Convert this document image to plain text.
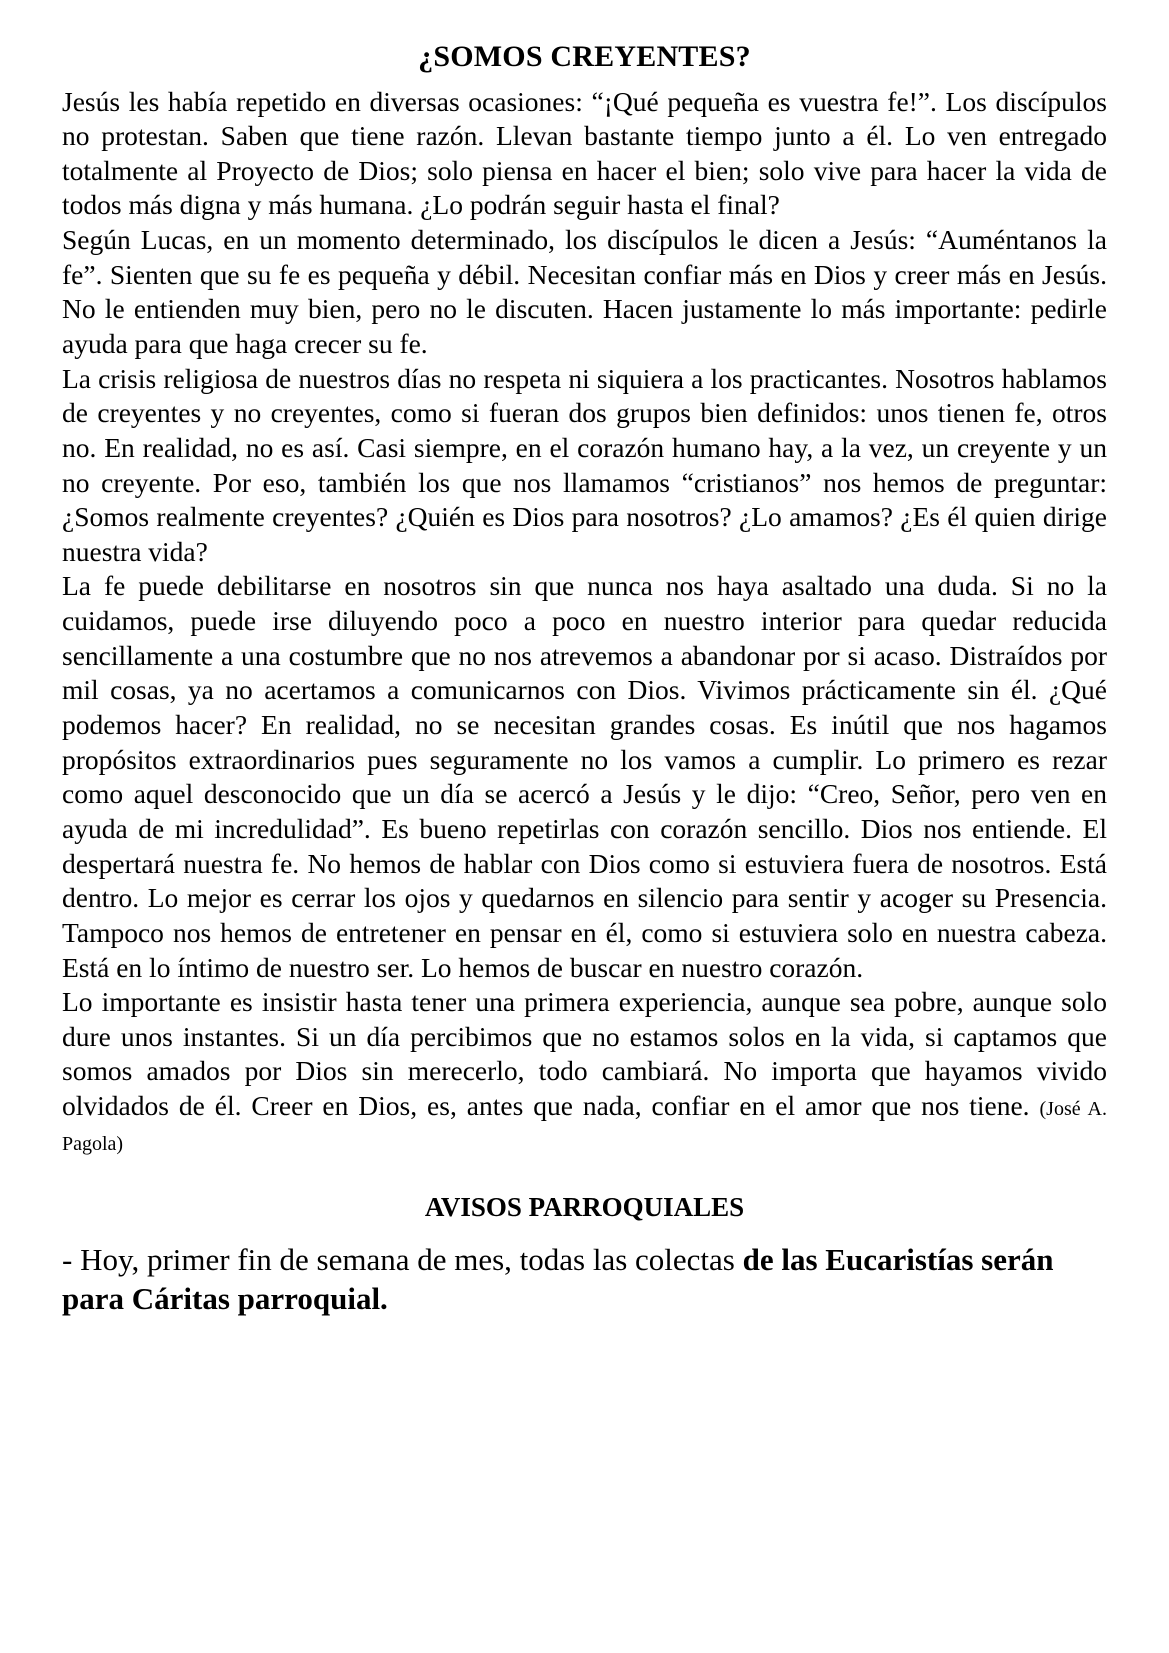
¿SOMOS CREYENTES?

Jesús les había repetido en diversas ocasiones: “¡Qué pequeña es vuestra fe!”. Los discípulos no protestan. Saben que tiene razón. Llevan bastante tiempo junto a él. Lo ven entregado totalmente al Proyecto de Dios; solo piensa en hacer el bien; solo vive para hacer la vida de todos más digna y más humana. ¿Lo podrán seguir hasta el final?

Según Lucas, en un momento determinado, los discípulos le dicen a Jesús: “Auméntanos la fe”. Sienten que su fe es pequeña y débil. Necesitan confiar más en Dios y creer más en Jesús. No le entienden muy bien, pero no le discuten. Hacen justamente lo más importante: pedirle ayuda para que haga crecer su fe.

La crisis religiosa de nuestros días no respeta ni siquiera a los practicantes. Nosotros hablamos de creyentes y no creyentes, como si fueran dos grupos bien definidos: unos tienen fe, otros no. En realidad, no es así. Casi siempre, en el corazón humano hay, a la vez, un creyente y un no creyente. Por eso, también los que nos llamamos “cristianos” nos hemos de preguntar: ¿Somos realmente creyentes? ¿Quién es Dios para nosotros? ¿Lo amamos? ¿Es él quien dirige nuestra vida?

La fe puede debilitarse en nosotros sin que nunca nos haya asaltado una duda. Si no la cuidamos, puede irse diluyendo poco a poco en nuestro interior para quedar reducida sencillamente a una costumbre que no nos atrevemos a abandonar por si acaso. Distraídos por mil cosas, ya no acertamos a comunicarnos con Dios. Vivimos prácticamente sin él. ¿Qué podemos hacer? En realidad, no se necesitan grandes cosas. Es inútil que nos hagamos propósitos extraordinarios pues seguramente no los vamos a cumplir. Lo primero es rezar como aquel desconocido que un día se acercó a Jesús y le dijo: “Creo, Señor, pero ven en ayuda de mi incredulidad”. Es bueno repetirlas con corazón sencillo. Dios nos entiende. El despertará nuestra fe. No hemos de hablar con Dios como si estuviera fuera de nosotros. Está dentro. Lo mejor es cerrar los ojos y quedarnos en silencio para sentir y acoger su Presencia. Tampoco nos hemos de entretener en pensar en él, como si estuviera solo en nuestra cabeza. Está en lo íntimo de nuestro ser. Lo hemos de buscar en nuestro corazón.

Lo importante es insistir hasta tener una primera experiencia, aunque sea pobre, aunque solo dure unos instantes. Si un día percibimos que no estamos solos en la vida, si captamos que somos amados por Dios sin merecerlo, todo cambiará. No importa que hayamos vivido olvidados de él. Creer en Dios, es, antes que nada, confiar en el amor que nos tiene. (José A. Pagola)

AVISOS PARROQUIALES

- Hoy, primer fin de semana de mes, todas las colectas de las Eucaristías serán para Cáritas parroquial.
